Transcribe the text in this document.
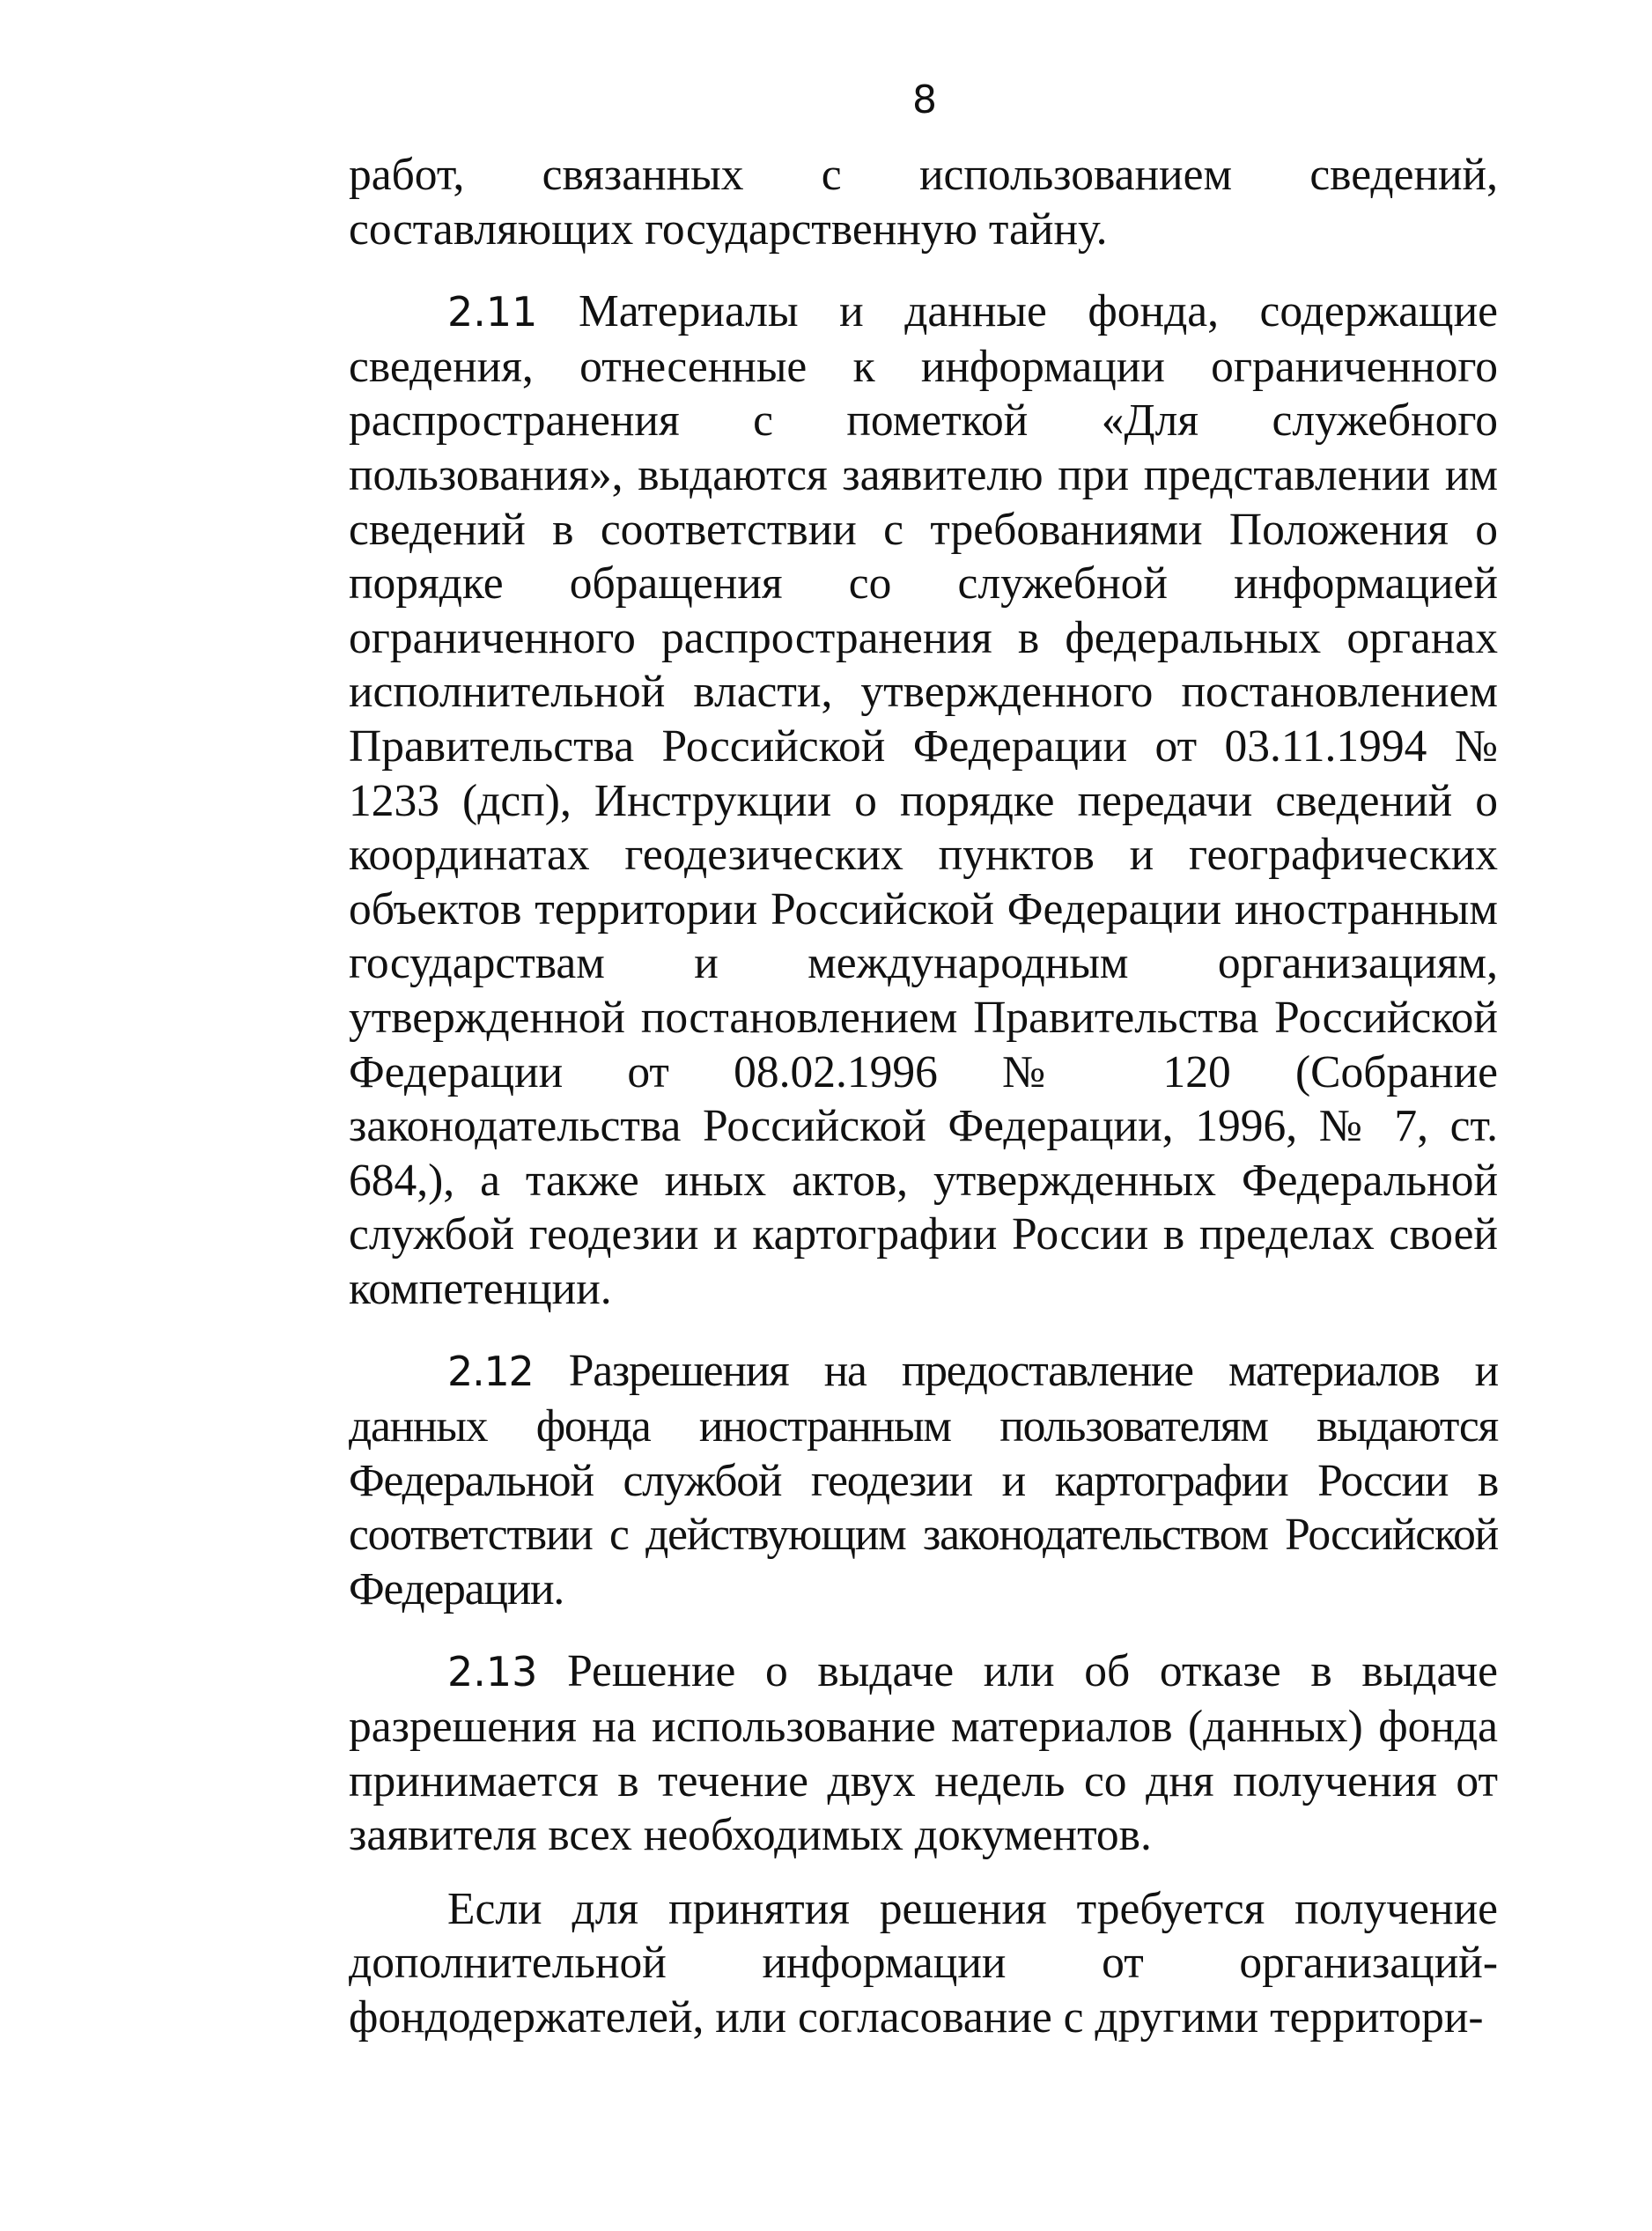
8

работ, связанных с использованием сведений, составляющих государственную тайну.

2.11 Материалы и данные фонда, содержащие сведения, отнесенные к информации ограниченного распространения с пометкой «Для служебного пользования», выдаются заявителю при представлении им сведений в соответствии с требованиями Положения о порядке обращения со служебной информацией ограниченного распространения в федеральных органах исполнительной власти, утвержденного постановлением Правительства Российской Федерации от 03.11.1994 № 1233 (дсп), Инструкции о порядке передачи сведений о координатах геодезических пунктов и географических объектов территории Российской Федерации иностранным государствам и международным организациям, утвержденной постановлением Правительства Российской Федерации от 08.02.1996 № 120 (Собрание законодательства Российской Федерации, 1996, № 7, ст. 684,), а также иных актов, утвержденных Федеральной службой геодезии и картографии России в пределах своей компетенции.

2.12 Разрешения на предоставление материалов и данных фонда иностранным пользователям выдаются Федеральной службой геодезии и картографии России в соответствии с действующим законодательством Российской Федерации.

2.13 Решение о выдаче или об отказе в выдаче разрешения на использование материалов (данных) фонда принимается в течение двух недель со дня получения от заявителя всех необходимых документов.

Если для принятия решения требуется получение дополнительной информации от организаций-фондодержателей, или согласование с другими территори-
